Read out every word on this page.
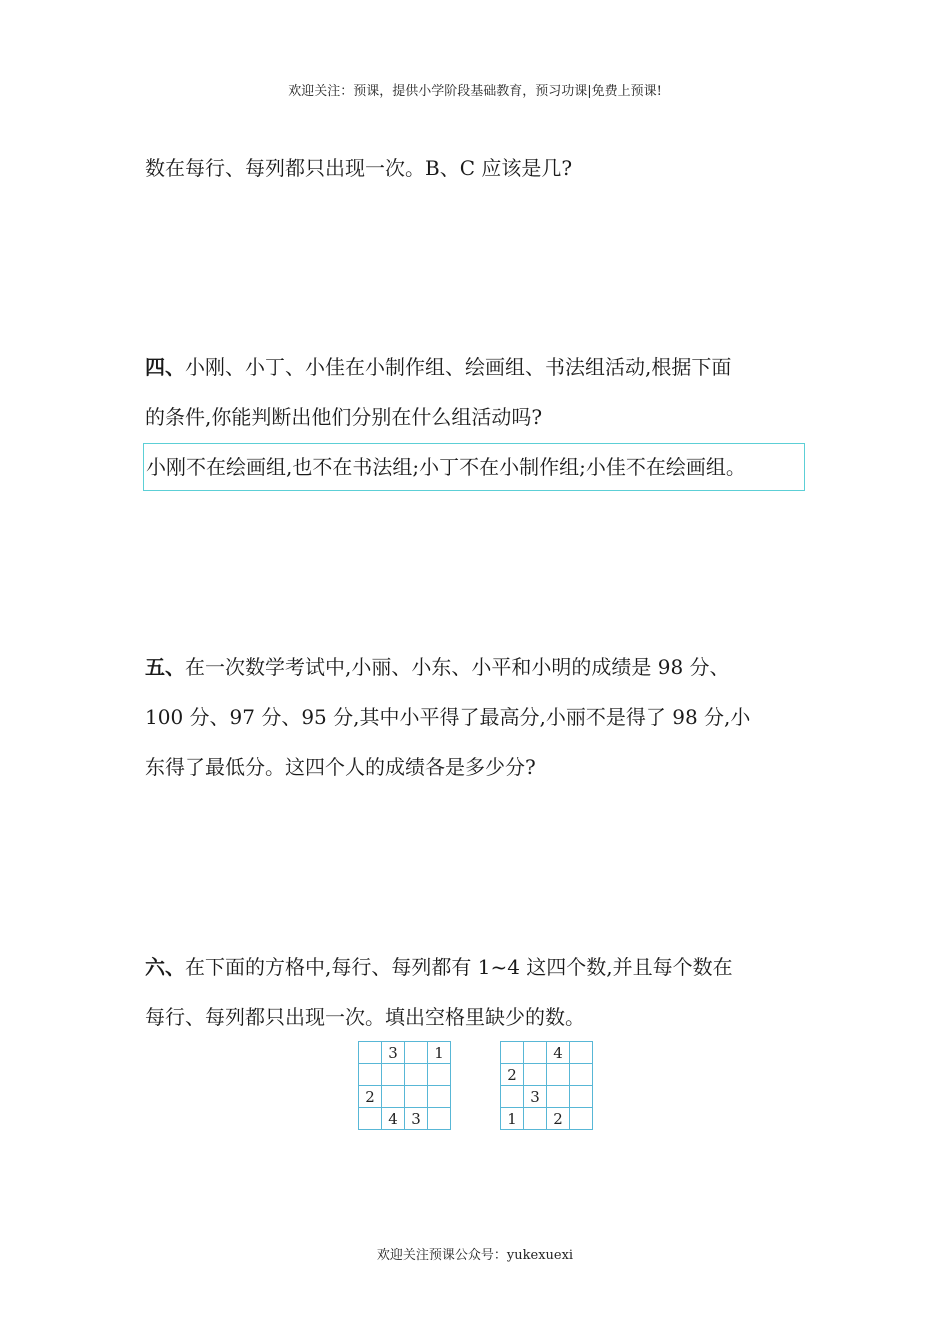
欢迎关注：预课，提供小学阶段基础教育，预习功课|免费上预课!
数在每行、每列都只出现一次。B、C 应该是几?
四、小刚、小丁、小佳在小制作组、绘画组、书法组活动,根据下面
的条件,你能判断出他们分别在什么组活动吗?
小刚不在绘画组,也不在书法组;小丁不在小制作组;小佳不在绘画组。
五、在一次数学考试中,小丽、小东、小平和小明的成绩是 98 分、
100 分、97 分、95 分,其中小平得了最高分,小丽不是得了 98 分,小
东得了最低分。这四个人的成绩各是多少分?
六、在下面的方格中,每行、每列都有 1~4 这四个数,并且每个数在
每行、每列都只出现一次。填出空格里缺少的数。
	3		1

2			
	4	3	
		4	
2			
	3		
1		2	
欢迎关注预课公众号：yukexuexi
